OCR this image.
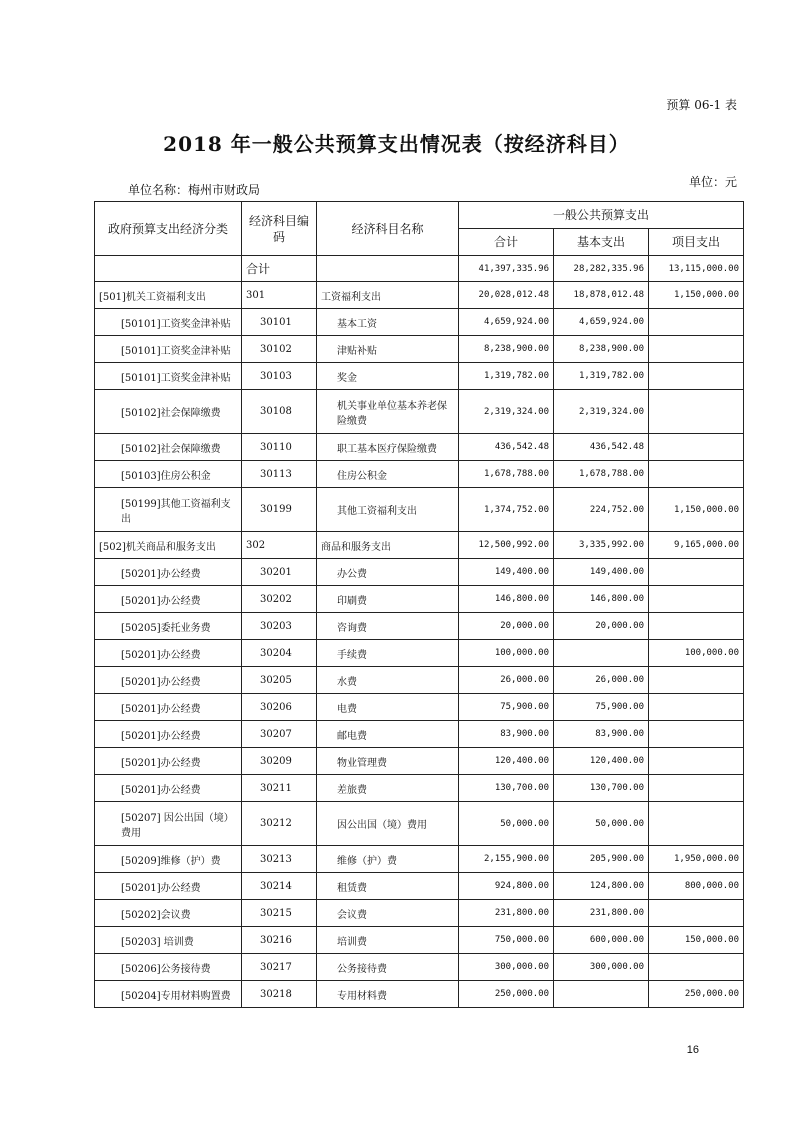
预算 06-1 表
2018 年一般公共预算支出情况表（按经济科目）
单位名称：梅州市财政局
单位：元
政府预算支出经济分类	经济科目编码	经济科目名称	一般公共预算支出		
			合计	基本支出	项目支出
	合计		41,397,335.96	28,282,335.96	13,115,000.00
[501]机关工资福利支出	301	工资福利支出	20,028,012.48	18,878,012.48	1,150,000.00
[50101]工资奖金津补贴	30101	基本工资	4,659,924.00	4,659,924.00	
[50101]工资奖金津补贴	30102	津贴补贴	8,238,900.00	8,238,900.00	
[50101]工资奖金津补贴	30103	奖金	1,319,782.00	1,319,782.00	
[50102]社会保障缴费	30108	机关事业单位基本养老保险缴费	2,319,324.00	2,319,324.00	
[50102]社会保障缴费	30110	职工基本医疗保险缴费	436,542.48	436,542.48	
[50103]住房公积金	30113	住房公积金	1,678,788.00	1,678,788.00	
[50199]其他工资福利支出	30199	其他工资福利支出	1,374,752.00	224,752.00	1,150,000.00
[502]机关商品和服务支出	302	商品和服务支出	12,500,992.00	3,335,992.00	9,165,000.00
[50201]办公经费	30201	办公费	149,400.00	149,400.00	
[50201]办公经费	30202	印刷费	146,800.00	146,800.00	
[50205]委托业务费	30203	咨询费	20,000.00	20,000.00	
[50201]办公经费	30204	手续费	100,000.00		100,000.00
[50201]办公经费	30205	水费	26,000.00	26,000.00	
[50201]办公经费	30206	电费	75,900.00	75,900.00	
[50201]办公经费	30207	邮电费	83,900.00	83,900.00	
[50201]办公经费	30209	物业管理费	120,400.00	120,400.00	
[50201]办公经费	30211	差旅费	130,700.00	130,700.00	
[50207] 因公出国（境）费用	30212	因公出国（境）费用	50,000.00	50,000.00	
[50209]维修（护）费	30213	维修（护）费	2,155,900.00	205,900.00	1,950,000.00
[50201]办公经费	30214	租赁费	924,800.00	124,800.00	800,000.00
[50202]会议费	30215	会议费	231,800.00	231,800.00	
[50203] 培训费	30216	培训费	750,000.00	600,000.00	150,000.00
[50206]公务接待费	30217	公务接待费	300,000.00	300,000.00	
[50204]专用材料购置费	30218	专用材料费	250,000.00		250,000.00
16
